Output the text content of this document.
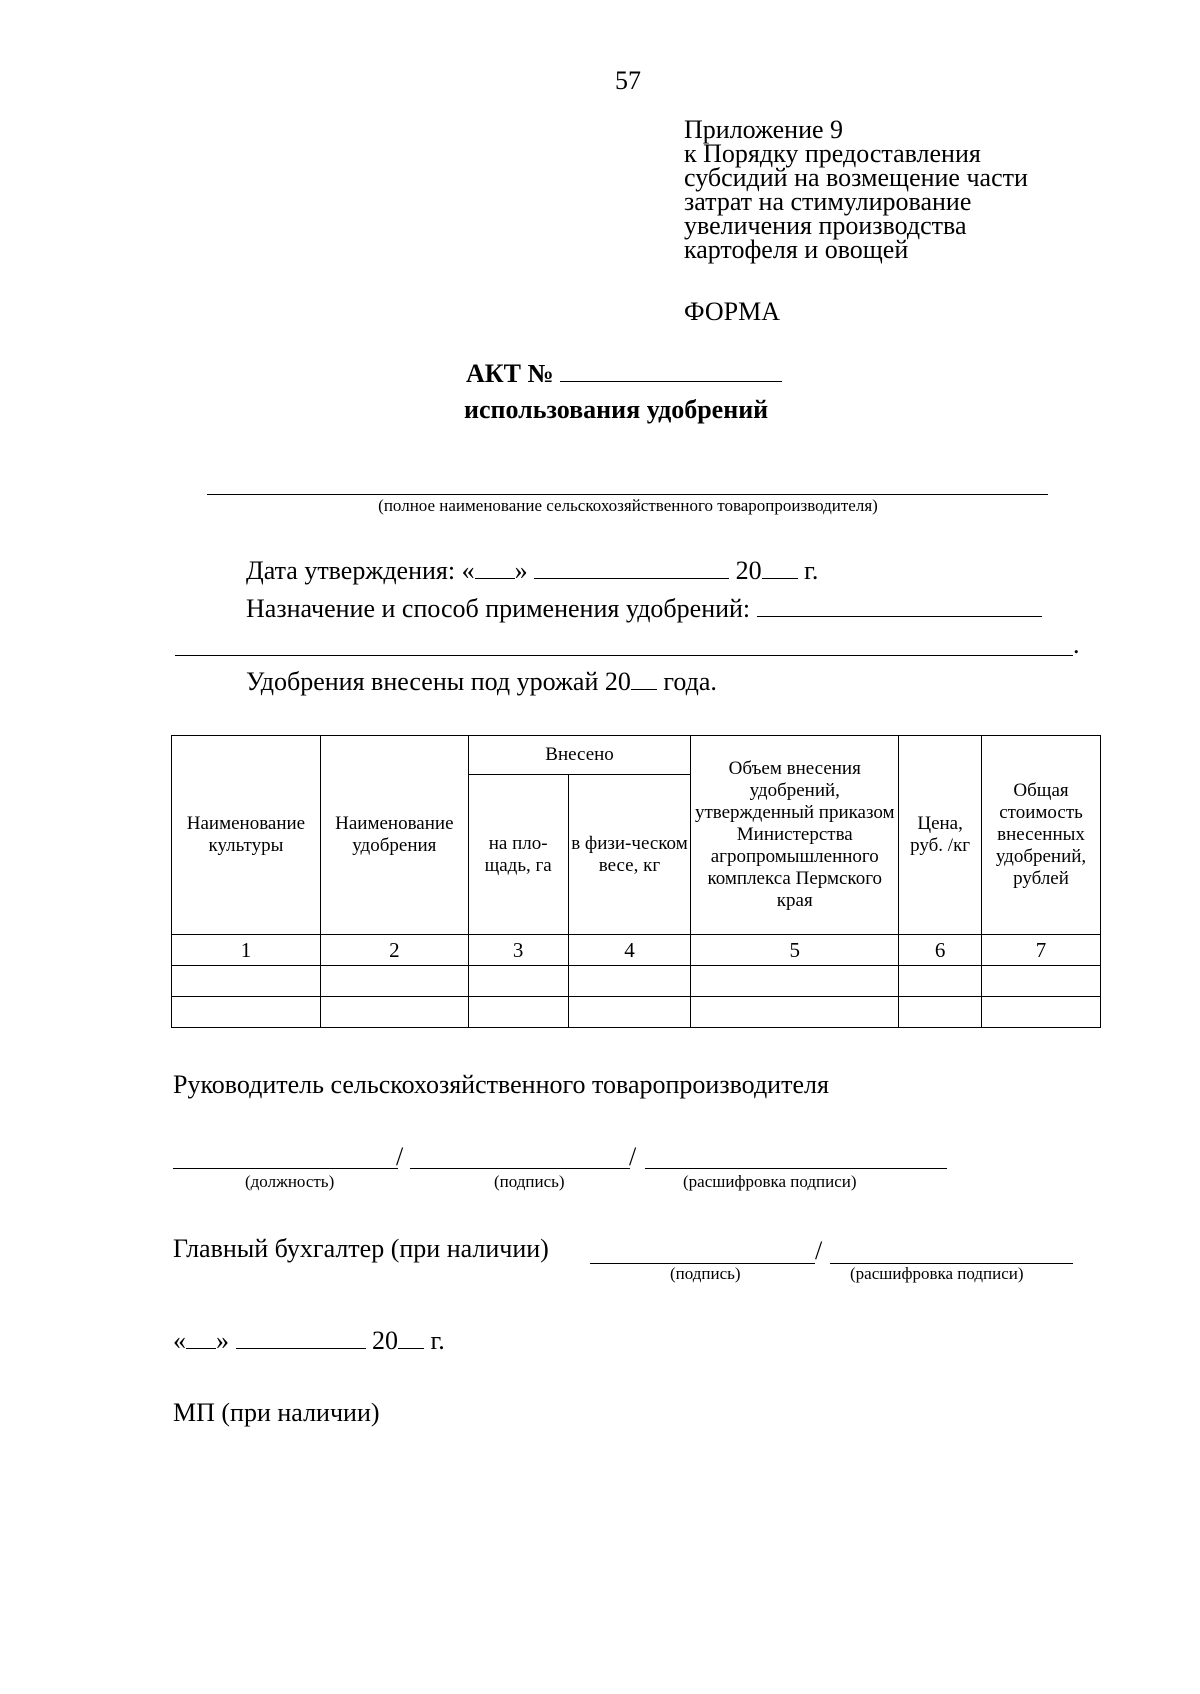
57
Приложение 9
к Порядку предоставления
субсидий на возмещение части
затрат на стимулирование
увеличения производства
картофеля и овощей
ФОРМА
АКТ №
использования удобрений
(полное наименование сельскохозяйственного товаропроизводителя)
Дата утверждения: « »	20 г.
Назначение и способ применения удобрений:
.
Удобрения внесены под урожай 20 года.
Наименование культуры	Наименование удобрения	Внесено		Объем внесения удобрений, утвержденный приказом Министерства агропромышленного комплекса Пермского края	Цена, руб. /кг	Общая стоимость внесенных удобрений, рублей
		на пло-щадь, га	в физи-ческом весе, кг			
1	2	3	4	5	6	7

Руководитель сельскохозяйственного товаропроизводителя
/	/
(должность)	(подпись)	(расшифровка подписи)
Главный бухгалтер (при наличии)	/
(подпись)	(расшифровка подписи)
« »	20 г.
МП (при наличии)
